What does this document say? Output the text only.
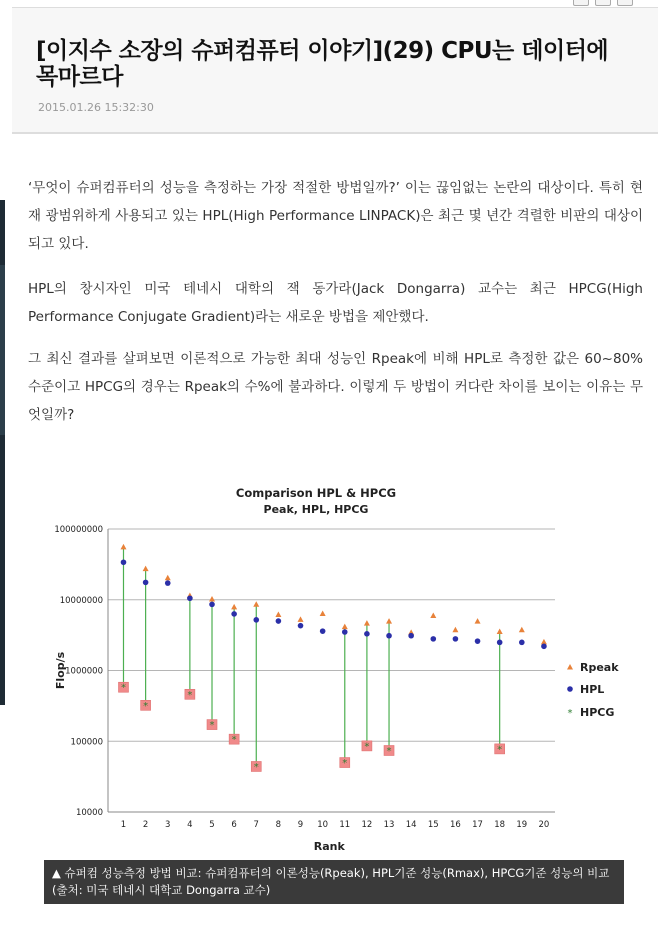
[이지수 소장의 슈퍼컴퓨터 이야기](29) CPU는 데이터에 목마르다
2015.01.26 15:32:30

‘무엇이 슈퍼컴퓨터의 성능을 측정하는 가장 적절한 방법일까?’ 이는 끊임없는 논란의 대상이다. 특히 현재 광범위하게 사용되고 있는 HPL(High Performance LINPACK)은 최근 몇 년간 격렬한 비판의 대상이 되고 있다.

HPL의 창시자인 미국 테네시 대학의 잭 동가라(Jack Dongarra) 교수는 최근 HPCG(High Performance Conjugate Gradient)라는 새로운 방법을 제안했다.

그 최신 결과를 살펴보면 이론적으로 가능한 최대 성능인 Rpeak에 비해 HPL로 측정한 값은 60~80% 수준이고 HPCG의 경우는 Rpeak의 수%에 불과하다. 이렇게 두 방법이 커다란 차이를 보이는 이유는 무엇일까?

100000000
10000000
1000000
100000
10000
1 2 3 4 5 6 7 8 9 10 11 12 13 14 15 16 17 18 19 20
Comparison HPL & HPCG
Peak, HPL, HPCG
Rank
Flop/s	*
*
*
*
*
*	*
* *	*
*
Rpeak
HPL
HPCG
▲ 슈퍼컴 성능측정 방법 비교: 슈퍼컴퓨터의 이론성능(Rpeak), HPL기준 성능(Rmax), HPCG기준 성능의 비교 (출처: 미국 테네시 대학교 Dongarra 교수)
